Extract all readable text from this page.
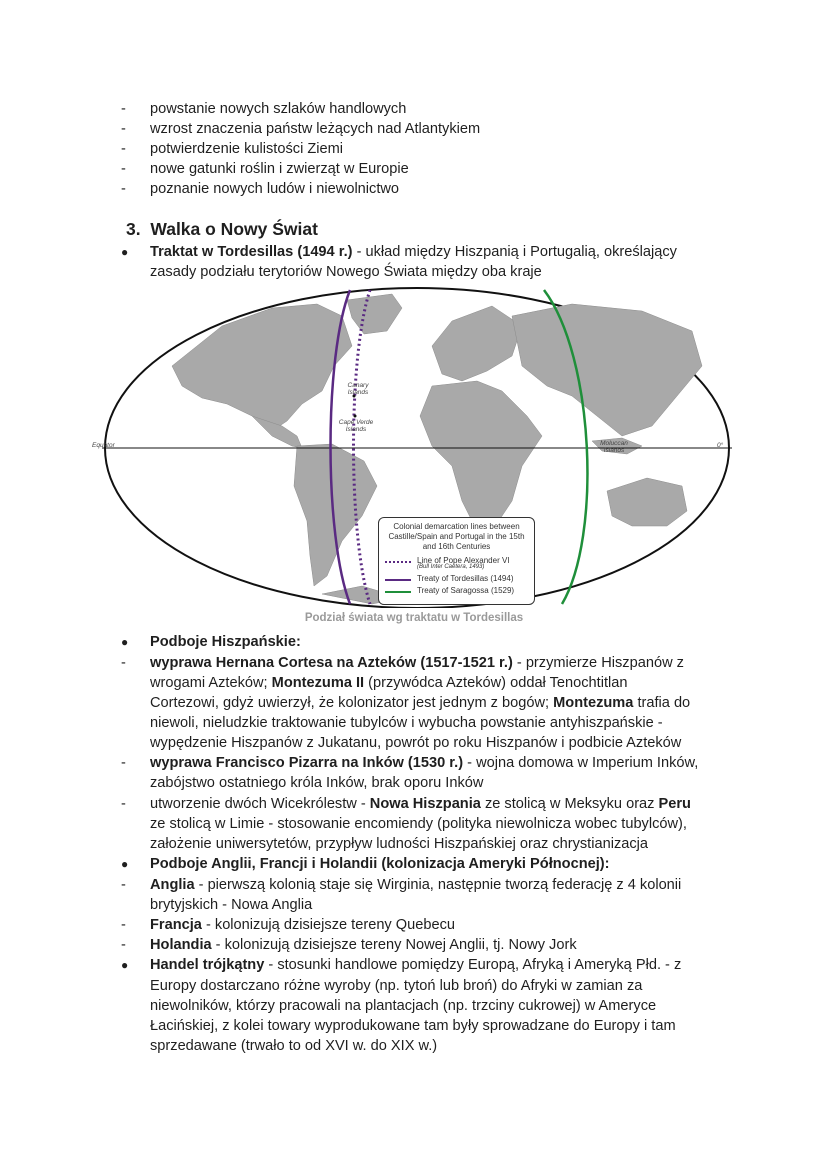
-	powstanie nowych szlaków handlowych
-	wzrost znaczenia państw leżących nad Atlantykiem
-	potwierdzenie kulistości Ziemi
-	nowe gatunki roślin i zwierząt w Europie
-	poznanie nowych ludów i niewolnictwo
3. Walka o Nowy Świat
● Traktat w Tordesillas (1494 r.) - układ między Hiszpanią i Portugalią, określający
zasady podziału terytoriów Nowego Świata między oba kraje
Equator	0°
Canary Islands
Cape Verde Islands
Moluccan Islands
Colonial demarcation lines between Castille/Spain and Portugal in the 15th and 16th Centuries
Line of Pope Alexander VI
(Bull Inter Caetera, 1493)
Treaty of Tordesillas (1494)
Treaty of Saragossa (1529)
Podział świata wg traktatu w Tordesillas
● Podboje Hiszpańskie:
-	wyprawa Hernana Cortesa na Azteków (1517-1521 r.) - przymierze Hiszpanów z
wrogami Azteków; Montezuma II (przywódca Azteków) oddał Tenochtitlan
Cortezowi, gdyż uwierzył, że kolonizator jest jednym z bogów; Montezuma trafia do
niewoli, nieludzkie traktowanie tubylców i wybucha powstanie antyhiszpańskie -
wypędzenie Hiszpanów z Jukatanu, powrót po roku Hiszpanów i podbicie Azteków
-	wyprawa Francisco Pizarra na Inków (1530 r.) - wojna domowa w Imperium Inków,
zabójstwo ostatniego króla Inków, brak oporu Inków
-	utworzenie dwóch Wicekrólestw - Nowa Hiszpania ze stolicą w Meksyku oraz Peru
ze stolicą w Limie - stosowanie encomiendy (polityka niewolnicza wobec tubylców),
założenie uniwersytetów, przypływ ludności Hiszpańskiej oraz chrystianizacja
● Podboje Anglii, Francji i Holandii (kolonizacja Ameryki Północnej):
-	Anglia - pierwszą kolonią staje się Wirginia, następnie tworzą federację z 4 kolonii
brytyjskich - Nowa Anglia
-	Francja - kolonizują dzisiejsze tereny Quebecu
-	Holandia - kolonizują dzisiejsze tereny Nowej Anglii, tj. Nowy Jork
● Handel trójkątny - stosunki handlowe pomiędzy Europą, Afryką i Ameryką Płd. - z
Europy dostarczano różne wyroby (np. tytoń lub broń) do Afryki w zamian za
niewolników, którzy pracowali na plantacjach (np. trzciny cukrowej) w Ameryce
Łacińskiej, z kolei towary wyprodukowane tam były sprowadzane do Europy i tam
sprzedawane (trwało to od XVI w. do XIX w.)
